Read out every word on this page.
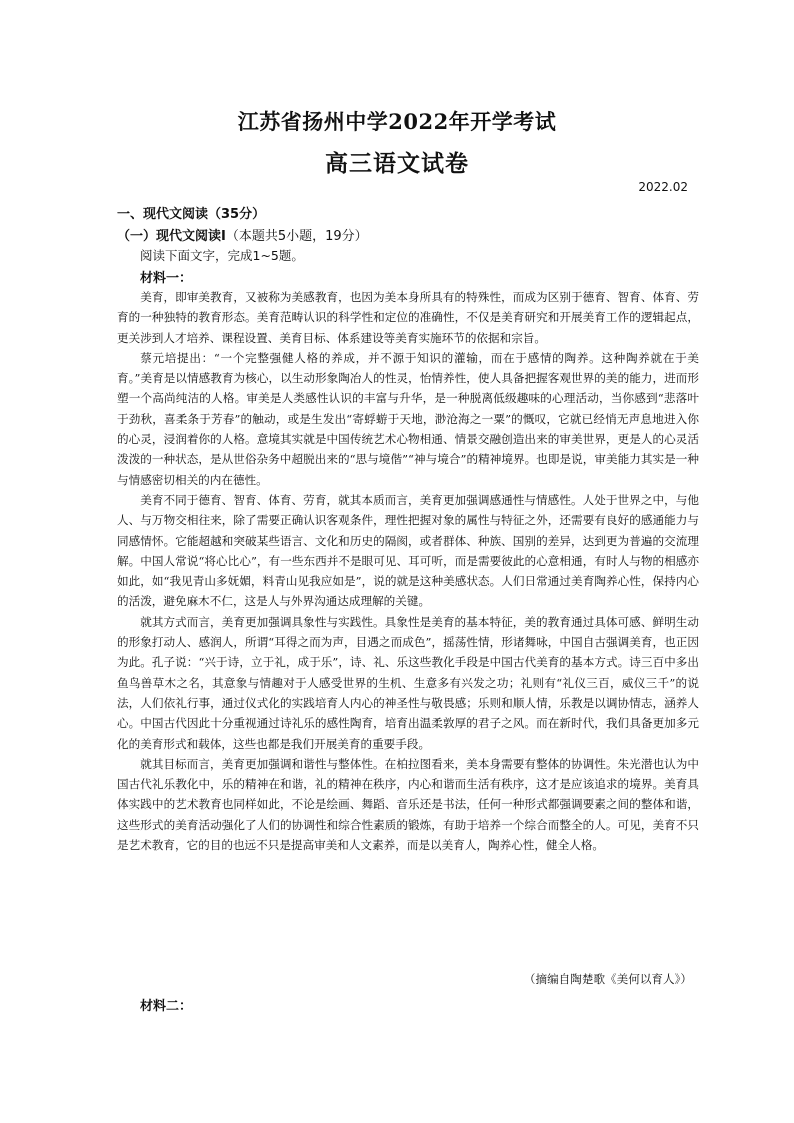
江苏省扬州中学2022年开学考试
高三语文试卷
2022.02
一、现代文阅读（35分）
（一）现代文阅读Ⅰ（本题共5小题，19分）
阅读下面文字，完成1~5题。
材料一：

美育，即审美教育，又被称为美感教育，也因为美本身所具有的特殊性，而成为区别于德育、智育、体育、劳育的一种独特的教育形态。美育范畴认识的科学性和定位的准确性，不仅是美育研究和开展美育工作的逻辑起点，更关涉到人才培养、课程设置、美育目标、体系建设等美育实施环节的依据和宗旨。

蔡元培提出：“一个完整强健人格的养成，并不源于知识的灌输，而在于感情的陶养。这种陶养就在于美育。”美育是以情感教育为核心，以生动形象陶冶人的性灵，怡情养性，使人具备把握客观世界的美的能力，进而形塑一个高尚纯洁的人格。审美是人类感性认识的丰富与升华，是一种脱离低级趣味的心理活动，当你感到“悲落叶于劲秋，喜柔条于芳春”的触动，或是生发出“寄蜉蝣于天地，渺沧海之一粟”的慨叹，它就已经悄无声息地进入你的心灵，浸润着你的人格。意境其实就是中国传统艺术心物相通、情景交融创造出来的审美世界，更是人的心灵活泼泼的一种状态，是从世俗杂务中超脱出来的“思与境偕”“神与境合”的精神境界。也即是说，审美能力其实是一种与情感密切相关的内在德性。

美育不同于德育、智育、体育、劳育，就其本质而言，美育更加强调感通性与情感性。人处于世界之中，与他人、与万物交相往来，除了需要正确认识客观条件，理性把握对象的属性与特征之外，还需要有良好的感通能力与同感情怀。它能超越和突破某些语言、文化和历史的隔阂，或者群体、种族、国别的差异，达到更为普遍的交流理解。中国人常说“将心比心”，有一些东西并不是眼可见、耳可听，而是需要彼此的心意相通，有时人与物的相感亦如此，如“我见青山多妩媚，料青山见我应如是”，说的就是这种美感状态。人们日常通过美育陶养心性，保持内心的活泼，避免麻木不仁，这是人与外界沟通达成理解的关键。

就其方式而言，美育更加强调具象性与实践性。具象性是美育的基本特征，美的教育通过具体可感、鲜明生动的形象打动人、感润人，所谓“耳得之而为声，目遇之而成色”，摇荡性情，形诸舞咏，中国自古强调美育，也正因为此。孔子说：“兴于诗，立于礼，成于乐”，诗、礼、乐这些教化手段是中国古代美育的基本方式。诗三百中多出鱼鸟兽草木之名，其意象与情趣对于人感受世界的生机、生意多有兴发之功；礼则有“礼仪三百，威仪三千”的说法，人们依礼行事，通过仪式化的实践培育人内心的神圣性与敬畏感；乐则和顺人情，乐教是以调协情志，涵养人心。中国古代因此十分重视通过诗礼乐的感性陶育，培育出温柔敦厚的君子之风。而在新时代，我们具备更加多元化的美育形式和载体，这些也都是我们开展美育的重要手段。

就其目标而言，美育更加强调和谐性与整体性。在柏拉图看来，美本身需要有整体的协调性。朱光潜也认为中国古代礼乐教化中，乐的精神在和谐，礼的精神在秩序，内心和谐而生活有秩序，这才是应该追求的境界。美育具体实践中的艺术教育也同样如此，不论是绘画、舞蹈、音乐还是书法，任何一种形式都强调要素之间的整体和谐，这些形式的美育活动强化了人们的协调性和综合性素质的锻炼，有助于培养一个综合而整全的人。可见，美育不只是艺术教育，它的目的也远不只是提高审美和人文素养，而是以美育人，陶养心性，健全人格。

（摘编自陶楚歌《美何以育人》）
材料二：
